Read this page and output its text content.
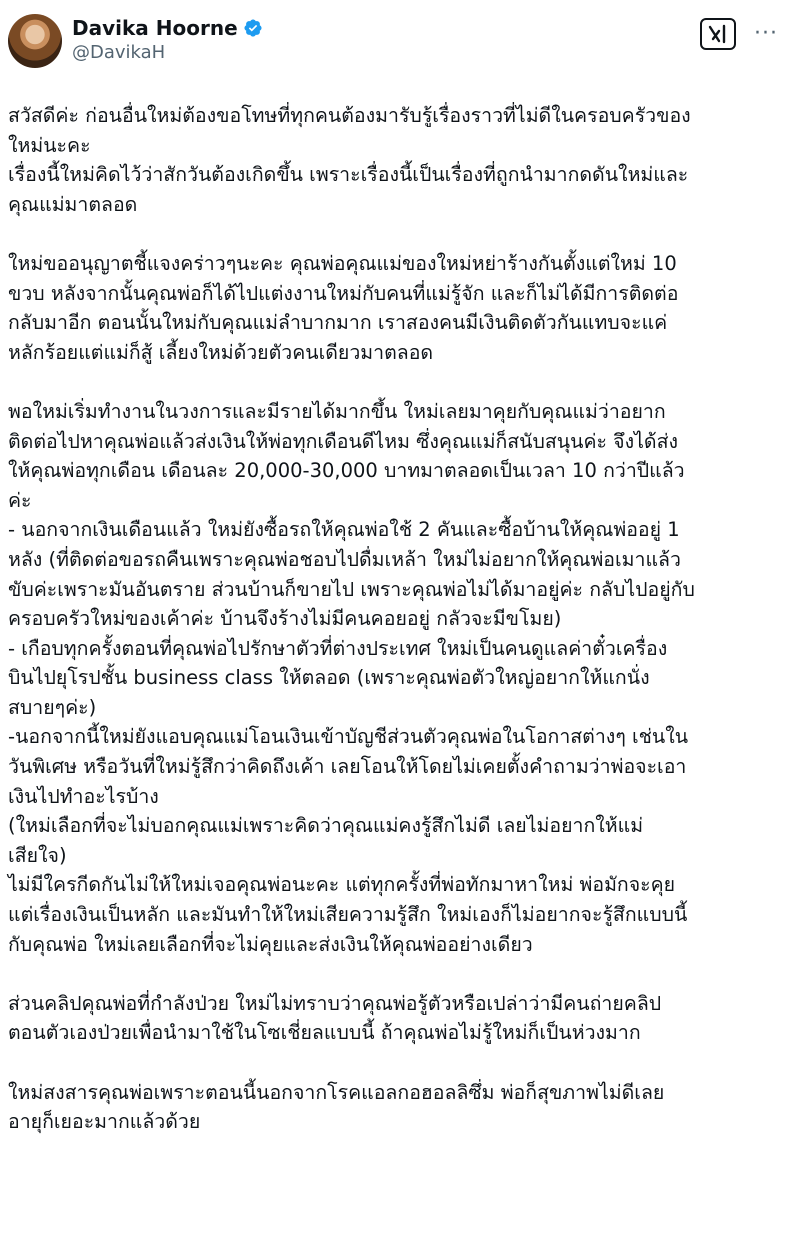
Davika Hoorne
@DavikaH
···
สวัสดีค่ะ ก่อนอื่นใหม่ต้องขอโทษที่ทุกคนต้องมารับรู้เรื่องราวที่ไม่ดีในครอบครัวของ
ใหม่นะคะ
เรื่องนี้ใหม่คิดไว้ว่าสักวันต้องเกิดขึ้น เพราะเรื่องนี้เป็นเรื่องที่ถูกนำมากดดันใหม่และ
คุณแม่มาตลอด
ใหม่ขออนุญาตชี้แจงคร่าวๆนะคะ คุณพ่อคุณแม่ของใหม่หย่าร้างกันตั้งแต่ใหม่ 10
ขวบ หลังจากนั้นคุณพ่อก็ได้ไปแต่งงานใหม่กับคนที่แม่รู้จัก และก็ไม่ได้มีการติดต่อ
กลับมาอีก ตอนนั้นใหม่กับคุณแม่ลำบากมาก เราสองคนมีเงินติดตัวกันแทบจะแค่
หลักร้อยแต่แม่ก็สู้ เลี้ยงใหม่ด้วยตัวคนเดียวมาตลอด
พอใหม่เริ่มทำงานในวงการและมีรายได้มากขึ้น ใหม่เลยมาคุยกับคุณแม่ว่าอยาก
ติดต่อไปหาคุณพ่อแล้วส่งเงินให้พ่อทุกเดือนดีไหม ซึ่งคุณแม่ก็สนับสนุนค่ะ จึงได้ส่ง
ให้คุณพ่อทุกเดือน เดือนละ 20,000-30,000 บาทมาตลอดเป็นเวลา 10 กว่าปีแล้ว
ค่ะ
- นอกจากเงินเดือนแล้ว ใหม่ยังซื้อรถให้คุณพ่อใช้ 2 คันและซื้อบ้านให้คุณพ่ออยู่ 1
หลัง (ที่ติดต่อขอรถคืนเพราะคุณพ่อชอบไปดื่มเหล้า ใหม่ไม่อยากให้คุณพ่อเมาแล้ว
ขับค่ะเพราะมันอันตราย ส่วนบ้านก็ขายไป เพราะคุณพ่อไม่ได้มาอยู่ค่ะ กลับไปอยู่กับ
ครอบครัวใหม่ของเค้าค่ะ บ้านจึงร้างไม่มีคนคอยอยู่ กลัวจะมีขโมย)
- เกือบทุกครั้งตอนที่คุณพ่อไปรักษาตัวที่ต่างประเทศ ใหม่เป็นคนดูแลค่าตั๋วเครื่อง
บินไปยุโรปชั้น business class ให้ตลอด (เพราะคุณพ่อตัวใหญ่อยากให้แกนั่ง
สบายๆค่ะ)
-นอกจากนี้ใหม่ยังแอบคุณแม่โอนเงินเข้าบัญชีส่วนตัวคุณพ่อในโอกาสต่างๆ เช่นใน
วันพิเศษ หรือวันที่ใหม่รู้สึกว่าคิดถึงเค้า เลยโอนให้โดยไม่เคยตั้งคำถามว่าพ่อจะเอา
เงินไปทำอะไรบ้าง
(ใหม่เลือกที่จะไม่บอกคุณแม่เพราะคิดว่าคุณแม่คงรู้สึกไม่ดี เลยไม่อยากให้แม่
เสียใจ)
ไม่มีใครกีดกันไม่ให้ใหม่เจอคุณพ่อนะคะ แต่ทุกครั้งที่พ่อทักมาหาใหม่ พ่อมักจะคุย
แต่เรื่องเงินเป็นหลัก และมันทำให้ใหม่เสียความรู้สึก ใหม่เองก็ไม่อยากจะรู้สึกแบบนี้
กับคุณพ่อ ใหม่เลยเลือกที่จะไม่คุยและส่งเงินให้คุณพ่ออย่างเดียว
ส่วนคลิปคุณพ่อที่กำลังป่วย ใหม่ไม่ทราบว่าคุณพ่อรู้ตัวหรือเปล่าว่ามีคนถ่ายคลิป
ตอนตัวเองป่วยเพื่อนำมาใช้ในโซเชี่ยลแบบนี้ ถ้าคุณพ่อไม่รู้ใหม่ก็เป็นห่วงมาก
ใหม่สงสารคุณพ่อเพราะตอนนี้นอกจากโรคแอลกอฮอลลิซึ่ม พ่อก็สุขภาพไม่ดีเลย
อายุก็เยอะมากแล้วด้วย
